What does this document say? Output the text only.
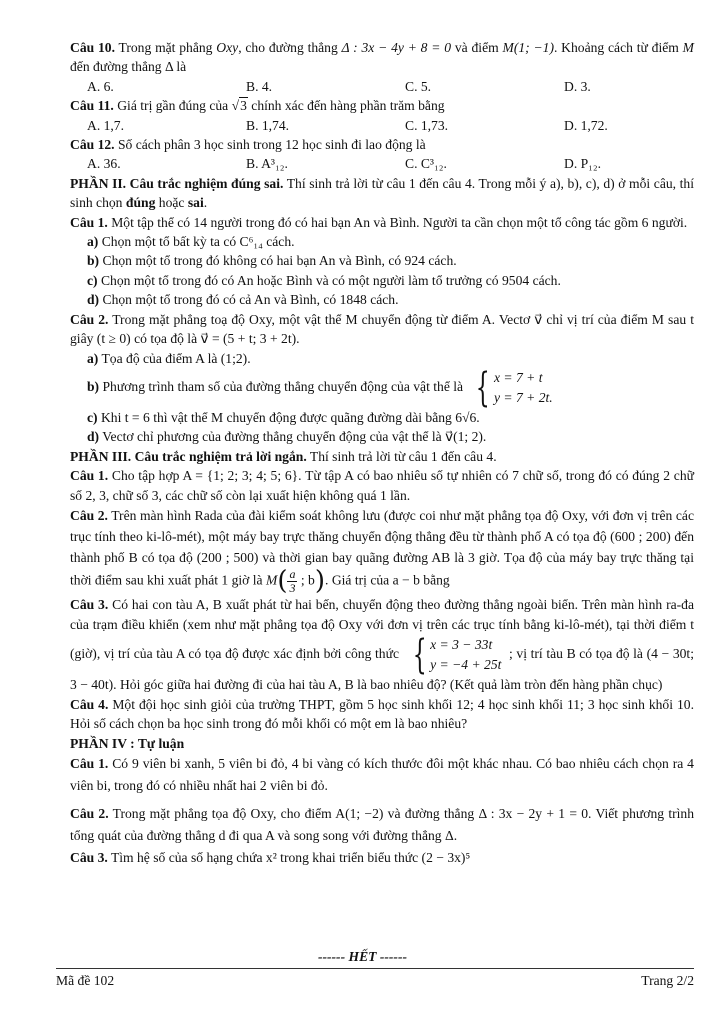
Câu 10. Trong mặt phẳng Oxy, cho đường thẳng Δ : 3x − 4y + 8 = 0 và điểm M(1; −1). Khoảng cách từ điểm M đến đường thẳng Δ là

A. 6.	B. 4.	C. 5.	D. 3.

Câu 11. Giá trị gần đúng của √3 chính xác đến hàng phần trăm bằng

A. 1,7.	B. 1,74.	C. 1,73.	D. 1,72.

Câu 12. Số cách phân 3 học sinh trong 12 học sinh đi lao động là

A. 36.	B. A³₁₂.	C. C³₁₂.	D. P₁₂.

PHẦN II. Câu trắc nghiệm đúng sai. Thí sinh trả lời từ câu 1 đến câu 4. Trong mỗi ý a), b), c), d) ở mỗi câu, thí sinh chọn đúng hoặc sai.

Câu 1. Một tập thể có 14 người trong đó có hai bạn An và Bình. Người ta cần chọn một tổ công tác gồm 6 người.

a) Chọn một tổ bất kỳ ta có C⁶₁₄ cách.

b) Chọn một tổ trong đó không có hai bạn An và Bình, có 924 cách.

c) Chọn một tổ trong đó có An hoặc Bình và có một người làm tổ trưởng có 9504 cách.

d) Chọn một tổ trong đó có cả An và Bình, có 1848 cách.

Câu 2. Trong mặt phẳng toạ độ Oxy, một vật thể M chuyển động từ điểm A. Vectơ v⃗ chỉ vị trí của điểm M sau t giây (t ≥ 0) có tọa độ là v⃗ = (5 + t; 3 + 2t).

a) Tọa độ của điểm A là (1;2).

b) Phương trình tham số của đường thẳng chuyển động của vật thể là { x = 7 + t
y = 7 + 2t.

c) Khi t = 6 thì vật thể M chuyển động được quãng đường dài bằng 6√6.

d) Vectơ chỉ phương của đường thẳng chuyển động của vật thể là v⃗(1; 2).

PHẦN III. Câu trắc nghiệm trả lời ngắn. Thí sinh trả lời từ câu 1 đến câu 4.

Câu 1. Cho tập hợp A = {1; 2; 3; 4; 5; 6}. Từ tập A có bao nhiêu số tự nhiên có 7 chữ số, trong đó có đúng 2 chữ số 2, 3, chữ số 3, các chữ số còn lại xuất hiện không quá 1 lần.

Câu 2. Trên màn hình Rada của đài kiểm soát không lưu (được coi như mặt phẳng tọa độ Oxy, với đơn vị trên các trục tính theo ki-lô-mét), một máy bay trực thăng chuyển động thẳng đều từ thành phố A có tọa độ (600 ; 200) đến thành phố B có tọa độ (200 ; 500) và thời gian bay quãng đường AB là 3 giờ. Tọa độ của máy bay trực thăng tại thời điểm sau khi xuất phát 1 giờ là $M( \frac{a}{3}$ ; b). Giá trị của a − b bằng

Câu 3. Có hai con tàu A, B xuất phát từ hai bến, chuyển động theo đường thẳng ngoài biển. Trên màn hình ra-đa của trạm điều khiển (xem như mặt phẳng tọa độ Oxy với đơn vị trên các trục tính bằng ki-lô-mét), tại thời điểm t (giờ), vị trí của tàu A có tọa độ được xác định bởi công thức { x = 3 − 33t
y = −4 + 25t
; vị trí tàu B có tọa độ là (4 − 30t; 3 − 40t). Hỏi góc giữa hai đường đi của hai tàu A, B là bao nhiêu độ? (Kết quả làm tròn đến hàng phần chục)

Câu 4. Một đội học sinh giỏi của trường THPT, gồm 5 học sinh khối 12; 4 học sinh khối 11; 3 học sinh khối 10. Hỏi số cách chọn ba học sinh trong đó mỗi khối có một em là bao nhiêu?

PHẦN IV : Tự luận

Câu 1. Có 9 viên bi xanh, 5 viên bi đỏ, 4 bi vàng có kích thước đôi một khác nhau. Có bao nhiêu cách chọn ra 4 viên bi, trong đó có nhiều nhất hai 2 viên bi đỏ.

Câu 2. Trong mặt phẳng tọa độ Oxy, cho điểm A(1; −2) và đường thẳng Δ : 3x − 2y + 1 = 0. Viết phương trình tổng quát của đường thẳng d đi qua A và song song với đường thẳng Δ.

Câu 3. Tìm hệ số của số hạng chứa x² trong khai triển biểu thức (2 − 3x)⁵

------ HẾT ------
Mã đề 102	Trang 2/2
